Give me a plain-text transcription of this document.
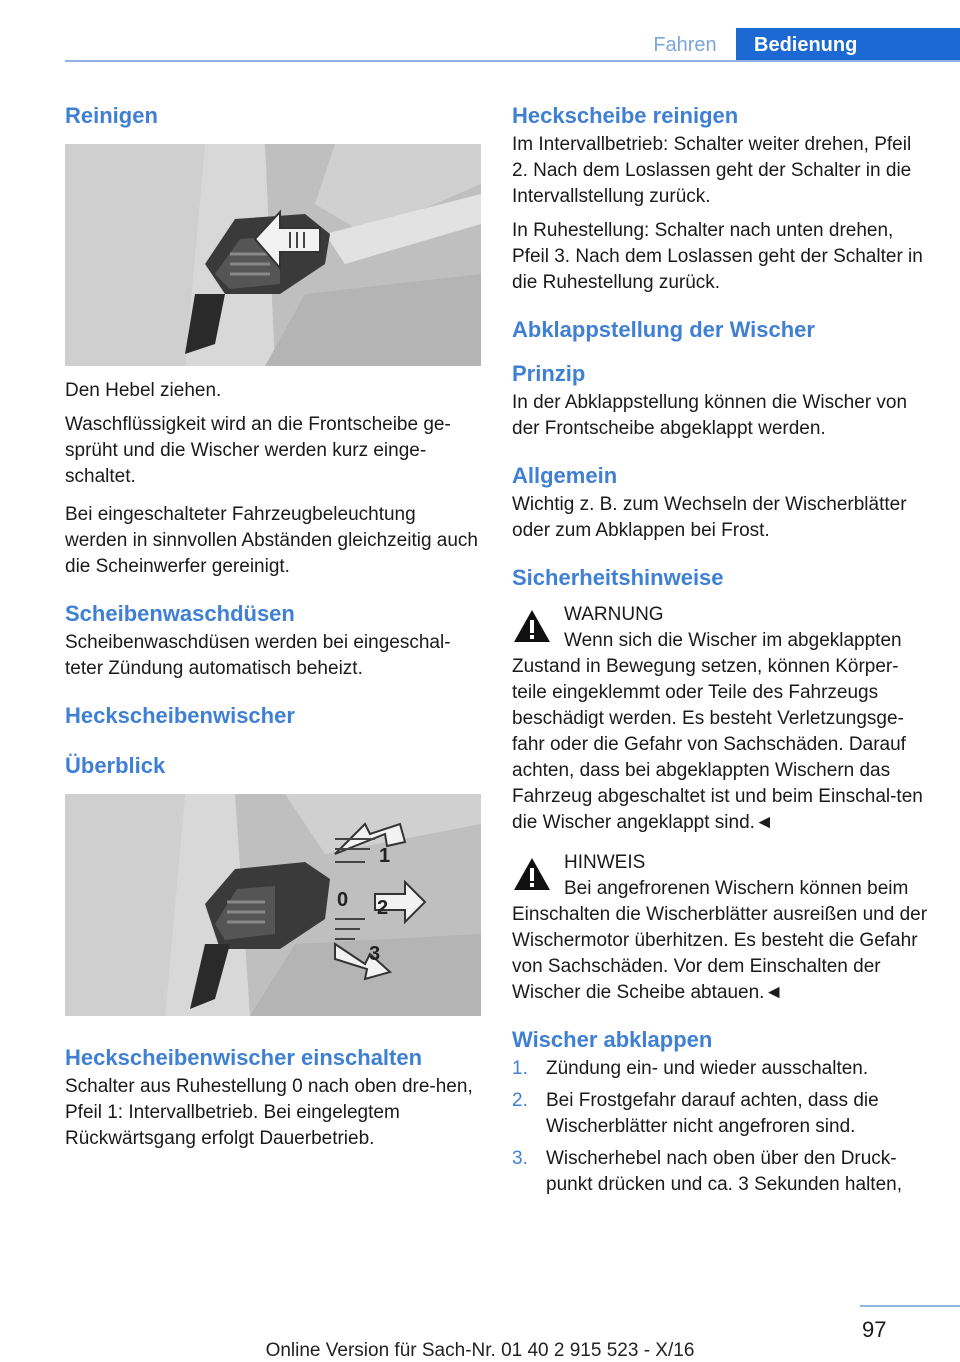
Fahren	Bedienung
Reinigen
Den Hebel ziehen.
Waschflüssigkeit wird an die Frontscheibe ge-sprüht und die Wischer werden kurz einge-schaltet.
Bei eingeschalteter Fahrzeugbeleuchtung werden in sinnvollen Abständen gleichzeitig auch die Scheinwerfer gereinigt.
Scheibenwaschdüsen
Scheibenwaschdüsen werden bei eingeschal-teter Zündung automatisch beheizt.
Heckscheibenwischer
Überblick
1
0 2
3
Heckscheibenwischer einschalten
Schalter aus Ruhestellung 0 nach oben dre-hen, Pfeil 1: Intervallbetrieb. Bei eingelegtem Rückwärtsgang erfolgt Dauerbetrieb.
Heckscheibe reinigen
Im Intervallbetrieb: Schalter weiter drehen, Pfeil 2. Nach dem Loslassen geht der Schalter in die Intervallstellung zurück.
In Ruhestellung: Schalter nach unten drehen, Pfeil 3. Nach dem Loslassen geht der Schalter in die Ruhestellung zurück.
Abklappstellung der Wischer
Prinzip
In der Abklappstellung können die Wischer von der Frontscheibe abgeklappt werden.
Allgemein
Wichtig z. B. zum Wechseln der Wischerblätter oder zum Abklappen bei Frost.
Sicherheitshinweise
WARNUNG
Wenn sich die Wischer im abgeklappten Zustand in Bewegung setzen, können Körper-teile eingeklemmt oder Teile des Fahrzeugs beschädigt werden. Es besteht Verletzungsge-fahr oder die Gefahr von Sachschäden. Darauf achten, dass bei abgeklappten Wischern das Fahrzeug abgeschaltet ist und beim Einschal-ten die Wischer angeklappt sind.◄
HINWEIS
Bei angefrorenen Wischern können beim Einschalten die Wischerblätter ausreißen und der Wischermotor überhitzen. Es besteht die Gefahr von Sachschäden. Vor dem Einschalten der Wischer die Scheibe abtauen.◄
Wischer abklappen
1. Zündung ein- und wieder ausschalten.
2. Bei Frostgefahr darauf achten, dass die Wischerblätter nicht angefroren sind.
3. Wischerhebel nach oben über den Druck-punkt drücken und ca. 3 Sekunden halten,
97
Online Version für Sach-Nr. 01 40 2 915 523 - X/16
